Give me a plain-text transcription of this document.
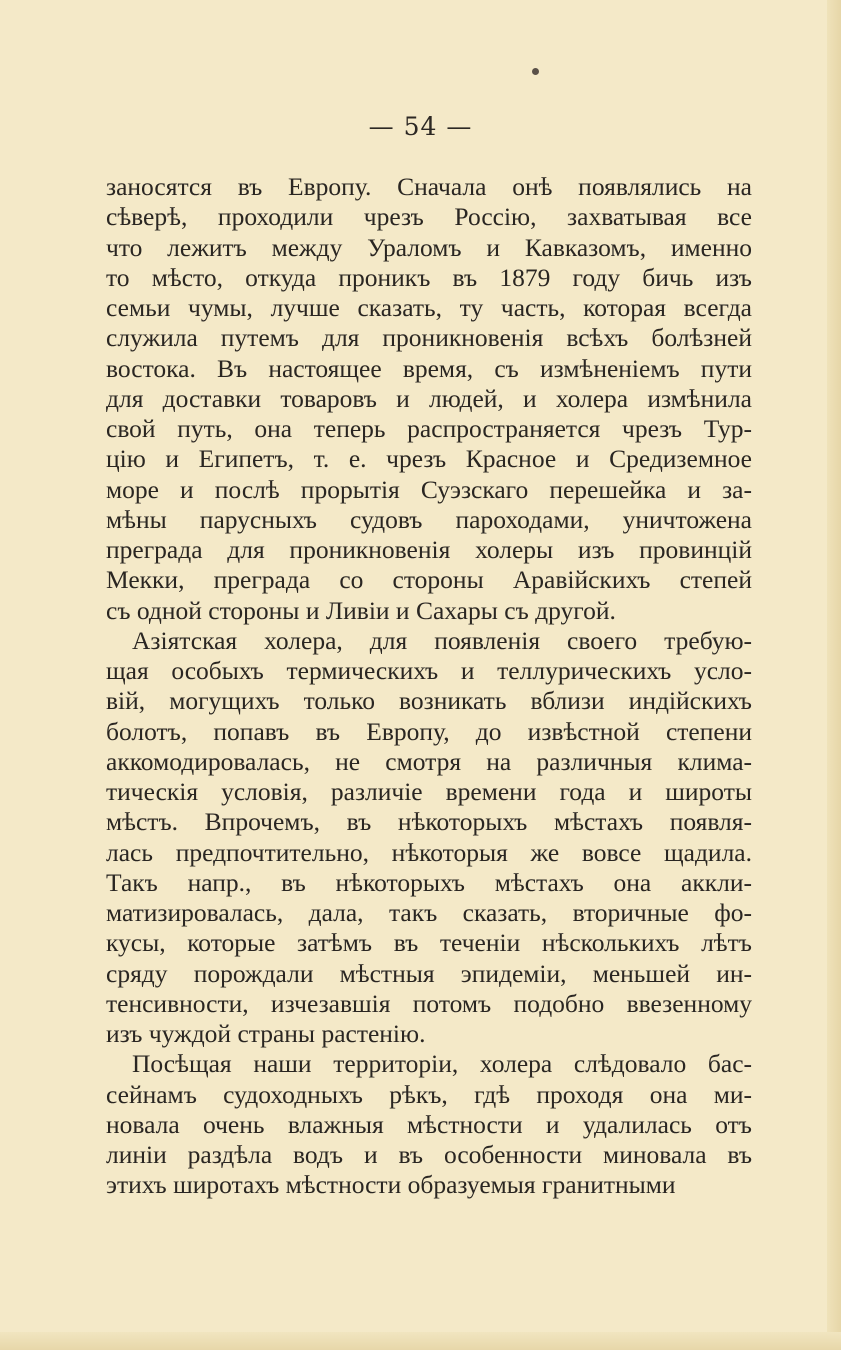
— 54 —
заносятся въ Европу. Сначала онѣ появлялись на
сѣверѣ, проходили чрезъ Россію, захватывая все
что лежитъ между Ураломъ и Кавказомъ, именно
то мѣсто, откуда проникъ въ 1879 году бичь изъ
семьи чумы, лучше сказать, ту часть, которая всегда
служила путемъ для проникновенія всѣхъ болѣзней
востока. Въ настоящее время, съ измѣненіемъ пути
для доставки товаровъ и людей, и холера измѣнила
свой путь, она теперь распространяется чрезъ Тур-
цію и Египетъ, т. е. чрезъ Красное и Средиземное
море и послѣ прорытія Суэзскаго перешейка и за-
мѣны парусныхъ судовъ пароходами, уничтожена
преграда для проникновенія холеры изъ провинцій
Мекки, преграда со стороны Аравійскихъ степей
съ одной стороны и Ливіи и Сахары съ другой.
Азіятская холера, для появленія своего требую-
щая особыхъ термическихъ и теллурическихъ усло-
вій, могущихъ только возникать вблизи индійскихъ
болотъ, попавъ въ Европу, до извѣстной степени
аккомодировалась, не смотря на различныя клима-
тическія условія, различіе времени года и широты
мѣстъ. Впрочемъ, въ нѣкоторыхъ мѣстахъ появля-
лась предпочтительно, нѣкоторыя же вовсе щадила.
Такъ напр., въ нѣкоторыхъ мѣстахъ она аккли-
матизировалась, дала, такъ сказать, вторичные фо-
кусы, которые затѣмъ въ теченіи нѣсколькихъ лѣтъ
сряду порождали мѣстныя эпидеміи, меньшей ин-
тенсивности, изчезавшія потомъ подобно ввезенному
изъ чуждой страны растенію.
Посѣщая наши территоріи, холера слѣдовало бас-
сейнамъ судоходныхъ рѣкъ, гдѣ проходя она ми-
новала очень влажныя мѣстности и удалилась отъ
линіи раздѣла водъ и въ особенности миновала въ
этихъ широтахъ мѣстности образуемыя гранитными
